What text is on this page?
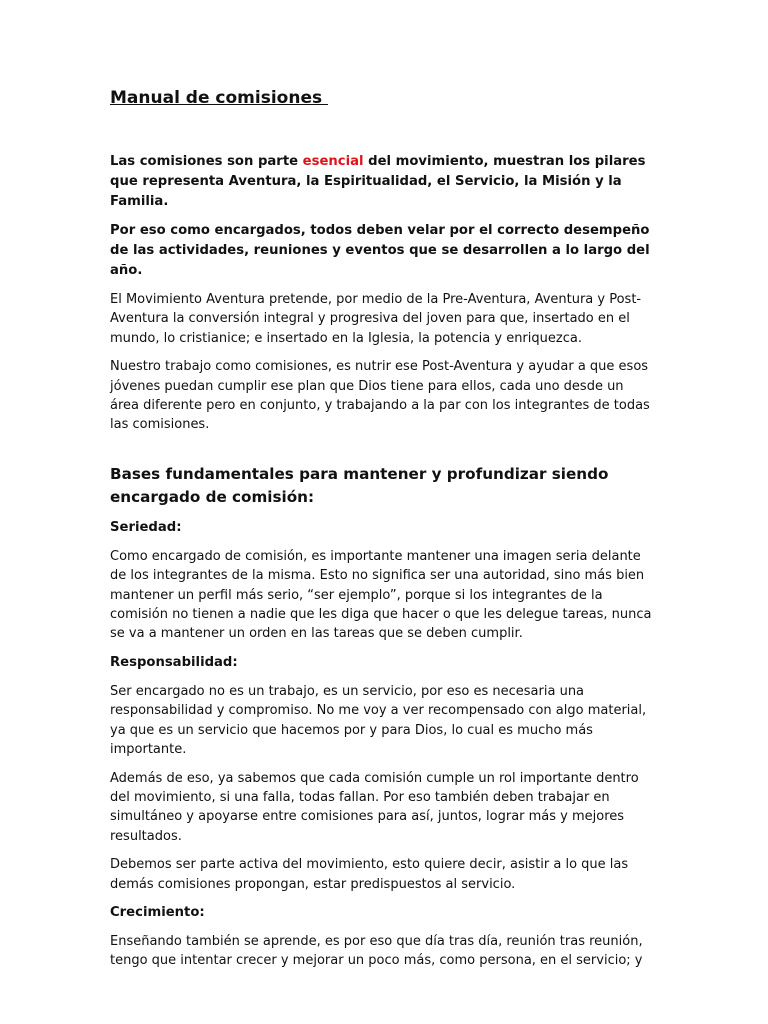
Manual de comisiones

Las comisiones son parte esencial del movimiento, muestran los pilares que representa Aventura, la Espiritualidad, el Servicio, la Misión y la Familia.

Por eso como encargados, todos deben velar por el correcto desempeño de las actividades, reuniones y eventos que se desarrollen a lo largo del año.

El Movimiento Aventura pretende, por medio de la Pre-Aventura, Aventura y Post-Aventura la conversión integral y progresiva del joven para que, insertado en el mundo, lo cristianice; e insertado en la Iglesia, la potencia y enriquezca.

Nuestro trabajo como comisiones, es nutrir ese Post-Aventura y ayudar a que esos jóvenes puedan cumplir ese plan que Dios tiene para ellos, cada uno desde un área diferente pero en conjunto, y trabajando a la par con los integrantes de todas las comisiones.

Bases fundamentales para mantener y profundizar siendo encargado de comisión:
Seriedad:

Como encargado de comisión, es importante mantener una imagen seria delante de los integrantes de la misma. Esto no significa ser una autoridad, sino más bien mantener un perfil más serio, “ser ejemplo”, porque si los integrantes de la comisión no tienen a nadie que les diga que hacer o que les delegue tareas, nunca se va a mantener un orden en las tareas que se deben cumplir.

Responsabilidad:

Ser encargado no es un trabajo, es un servicio, por eso es necesaria una responsabilidad y compromiso. No me voy a ver recompensado con algo material, ya que es un servicio que hacemos por y para Dios, lo cual es mucho más importante.

Además de eso, ya sabemos que cada comisión cumple un rol importante dentro del movimiento, si una falla, todas fallan. Por eso también deben trabajar en simultáneo y apoyarse entre comisiones para así, juntos, lograr más y mejores resultados.

Debemos ser parte activa del movimiento, esto quiere decir, asistir a lo que las demás comisiones propongan, estar predispuestos al servicio.

Crecimiento:

Enseñando también se aprende, es por eso que día tras día, reunión tras reunión, tengo que intentar crecer y mejorar un poco más, como persona, en el servicio; y
